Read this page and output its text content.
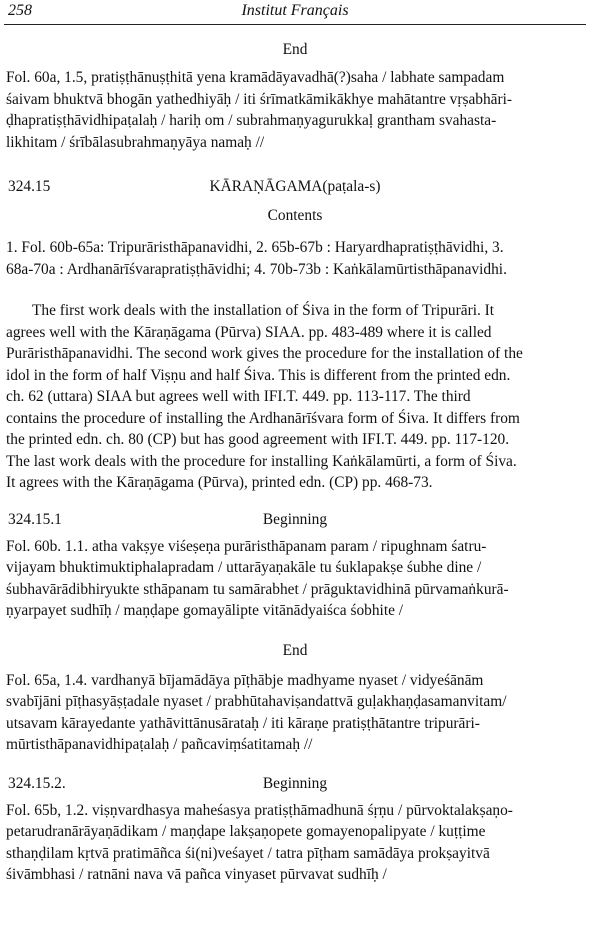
258	Institut Français
End
Fol. 60a, 1.5, pratiṣṭhānuṣṭhitā yena kramādāyavadhā(?)saha / labhate sampadam
śaivam bhuktvā bhogān yathedhiyāḥ / iti śrīmatkāmikākhye mahātantre vṛṣabhāri-
ḍhapratiṣṭhāvidhipaṭalaḥ / hariḥ om / subrahmaṇyagurukkaḷ grantham svahasta-
likhitam / śrībālasubrahmaṇyāya namaḥ //
324.15	KĀRAṆĀGAMA(paṭala-s)
Contents
1. Fol. 60b-65a: Tripurāristhāpanavidhi, 2. 65b-67b : Haryardhapratiṣṭhāvidhi, 3.
68a-70a : Ardhanārīśvarapratiṣṭhāvidhi; 4. 70b-73b : Kaṅkālamūrtisthāpanavidhi.
The first work deals with the installation of Śiva in the form of Tripurāri. It
agrees well with the Kāraṇāgama (Pūrva) SIAA. pp. 483-489 where it is called
Purāristhāpanavidhi. The second work gives the procedure for the installation of the
idol in the form of half Viṣṇu and half Śiva. This is different from the printed edn.
ch. 62 (uttara) SIAA but agrees well with IFI.T. 449. pp. 113-117. The third
contains the procedure of installing the Ardhanārīśvara form of Śiva. It differs from
the printed edn. ch. 80 (CP) but has good agreement with IFI.T. 449. pp. 117-120.
The last work deals with the procedure for installing Kaṅkālamūrti, a form of Śiva.
It agrees with the Kāraṇāgama (Pūrva), printed edn. (CP) pp. 468-73.
324.15.1	Beginning
Fol. 60b. 1.1. atha vakṣye viśeṣeṇa purāristhāpanam param / ripughnam śatru-
vijayam bhuktimuktiphalapradam / uttarāyaṇakāle tu śuklapakṣe śubhe dine /
śubhavārādibhiryukte sthāpanam tu samārabhet / prāguktavidhinā pūrvamaṅkurā-
ṇyarpayet sudhīḥ / maṇḍape gomayālipte vitānādyaiśca śobhite /
End
Fol. 65a, 1.4. vardhanyā bījamādāya pīṭhābje madhyame nyaset / vidyeśānām
svabījāni pīṭhasyāṣṭadale nyaset / prabhūtahaviṣandattvā guḷakhaṇḍasamanvitam/
utsavam kārayedante yathāvittānusārataḥ / iti kāraṇe pratiṣṭhātantre tripurāri-
mūrtisthāpanavidhipaṭalaḥ / pañcaviṃśatitamaḥ //
324.15.2.	Beginning
Fol. 65b, 1.2. viṣṇvardhasya maheśasya pratiṣṭhāmadhunā śṛṇu / pūrvoktalakṣaṇo-
petarudranārāyaṇādikam / maṇḍape lakṣaṇopete gomayenopalipyate / kuṭṭime
sthaṇḍilam kṛtvā pratimāñca śi(ni)veśayet / tatra pīṭham samādāya prokṣayitvā
śivāmbhasi / ratnāni nava vā pañca vinyaset pūrvavat sudhīḥ /
